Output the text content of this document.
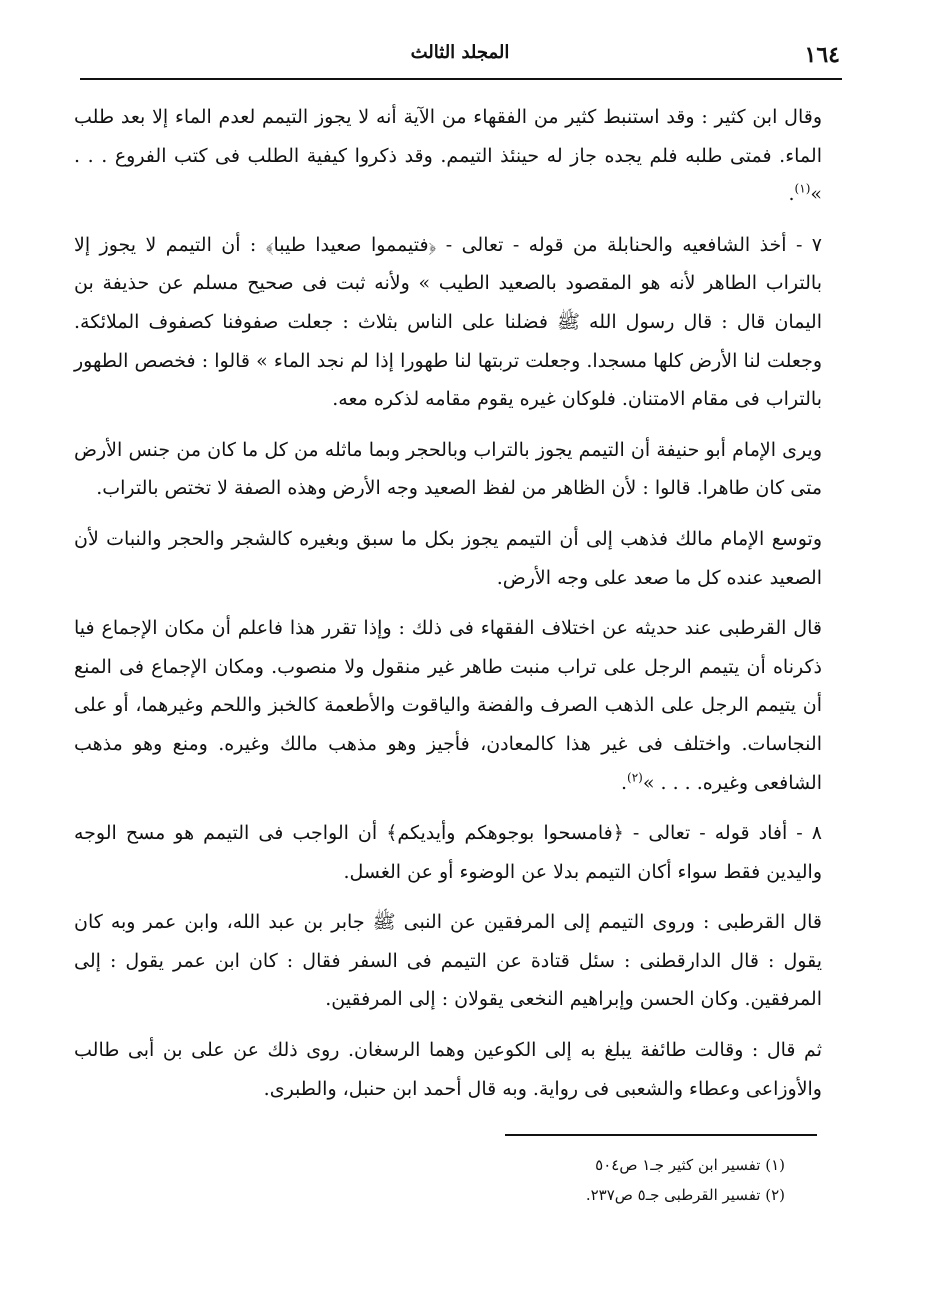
١٦٤
المجلد الثالث

وقال ابن كثير : وقد استنبط كثير من الفقهاء من الآية أنه لا يجوز التيمم لعدم الماء إلا بعد طلب الماء. فمتى طلبه فلم يجده جاز له حينئذ التيمم. وقد ذكروا كيفية الطلب فى كتب الفروع . . . »$^{(١)}$.

٧ - أخذ الشافعيه والحنابلة من قوله - تعالى - ﴿فتيمموا صعيدا طيبا﴾ : أن التيمم لا يجوز إلا بالتراب الطاهر لأنه هو المقصود بالصعيد الطيب » ولأنه ثبت فى صحيح مسلم عن حذيفة بن اليمان قال : قال رسول الله ﷺ فضلنا على الناس بثلاث : جعلت صفوفنا كصفوف الملائكة. وجعلت لنا الأرض كلها مسجدا. وجعلت تربتها لنا طهورا إذا لم نجد الماء » قالوا : فخصص الطهور بالتراب فى مقام الامتنان. فلوكان غيره يقوم مقامه لذكره معه.

ويرى الإمام أبو حنيفة أن التيمم يجوز بالتراب وبالحجر وبما ماثله من كل ما كان من جنس الأرض متى كان طاهرا. قالوا : لأن الظاهر من لفظ الصعيد وجه الأرض وهذه الصفة لا تختص بالتراب.

وتوسع الإمام مالك فذهب إلى أن التيمم يجوز بكل ما سبق وبغيره كالشجر والحجر والنبات لأن الصعيد عنده كل ما صعد على وجه الأرض.

قال القرطبى عند حديثه عن اختلاف الفقهاء فى ذلك : وإذا تقرر هذا فاعلم أن مكان الإجماع فيا ذكرناه أن يتيمم الرجل على تراب منبت طاهر غير منقول ولا منصوب. ومكان الإجماع فى المنع أن يتيمم الرجل على الذهب الصرف والفضة والياقوت والأطعمة كالخبز واللحم وغيرهما، أو على النجاسات. واختلف فى غير هذا كالمعادن، فأجيز وهو مذهب مالك وغيره. ومنع وهو مذهب الشافعى وغيره. . . . »$^{(٢)}$.

٨ - أفاد قوله - تعالى - ﴿فامسحوا بوجوهكم وأيديكم﴾ أن الواجب فى التيمم هو مسح الوجه واليدين فقط سواء أكان التيمم بدلا عن الوضوء أو عن الغسل.

قال القرطبى : وروى التيمم إلى المرفقين عن النبى ﷺ جابر بن عبد الله، وابن عمر وبه كان يقول : قال الدارقطنى : سئل قتادة عن التيمم فى السفر فقال : كان ابن عمر يقول : إلى المرفقين. وكان الحسن وإبراهيم النخعى يقولان : إلى المرفقين.

ثم قال : وقالت طائفة يبلغ به إلى الكوعين وهما الرسغان. روى ذلك عن على بن أبى طالب والأوزاعى وعطاء والشعبى فى رواية. وبه قال أحمد ابن حنبل، والطبرى.

(١) تفسير ابن كثير جـ١ ص٥٠٤
(٢) تفسير القرطبى جـ٥ ص٢٣٧.
